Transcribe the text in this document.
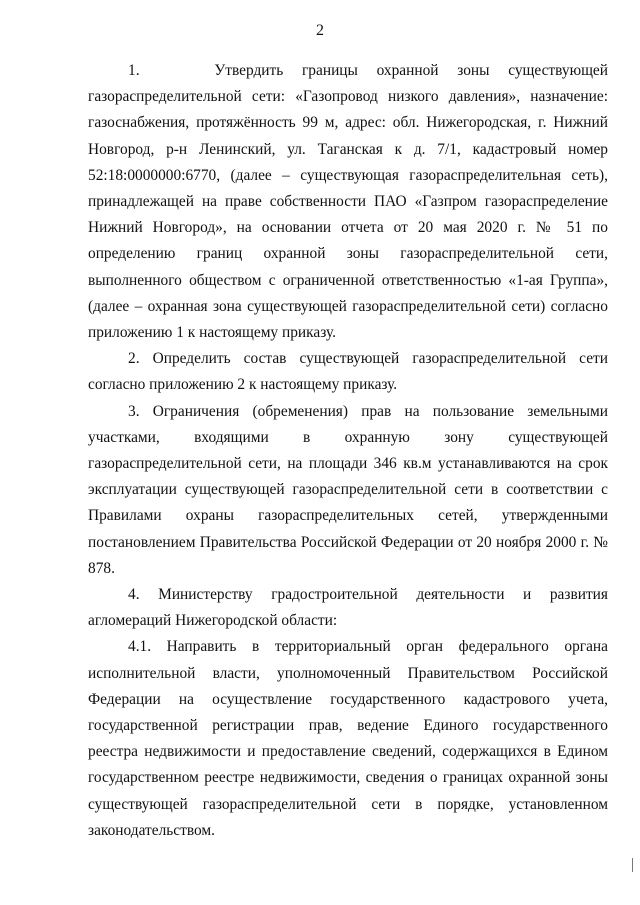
2

1.    Утвердить границы охранной зоны существующей газораспределительной сети: «Газопровод низкого давления», назначение: газоснабжения, протяжённость 99 м, адрес: обл. Нижегородская, г. Нижний Новгород, р-н Ленинский, ул. Таганская к д. 7/1, кадастровый номер 52:18:0000000:6770, (далее – существующая газораспределительная сеть), принадлежащей на праве собственности ПАО «Газпром газораспределение Нижний Новгород», на основании отчета от 20 мая 2020 г. № 51 по определению границ охранной зоны газораспределительной сети, выполненного обществом с ограниченной ответственностью «1-ая Группа», (далее – охранная зона существующей газораспределительной сети) согласно приложению 1 к настоящему приказу.

2. Определить состав существующей газораспределительной сети согласно приложению 2 к настоящему приказу.

3. Ограничения (обременения) прав на пользование земельными участками, входящими в охранную зону существующей газораспределительной сети, на площади 346 кв.м устанавливаются на срок эксплуатации существующей газораспределительной сети в соответствии с Правилами охраны газораспределительных сетей, утвержденными постановлением Правительства Российской Федерации от 20 ноября 2000 г. № 878.

4. Министерству градостроительной деятельности и развития агломераций Нижегородской области:

4.1. Направить в территориальный орган федерального органа исполнительной власти, уполномоченный Правительством Российской Федерации на осуществление государственного кадастрового учета, государственной регистрации прав, ведение Единого государственного реестра недвижимости и предоставление сведений, содержащихся в Едином государственном реестре недвижимости, сведения о границах охранной зоны существующей газораспределительной сети в порядке, установленном законодательством.
